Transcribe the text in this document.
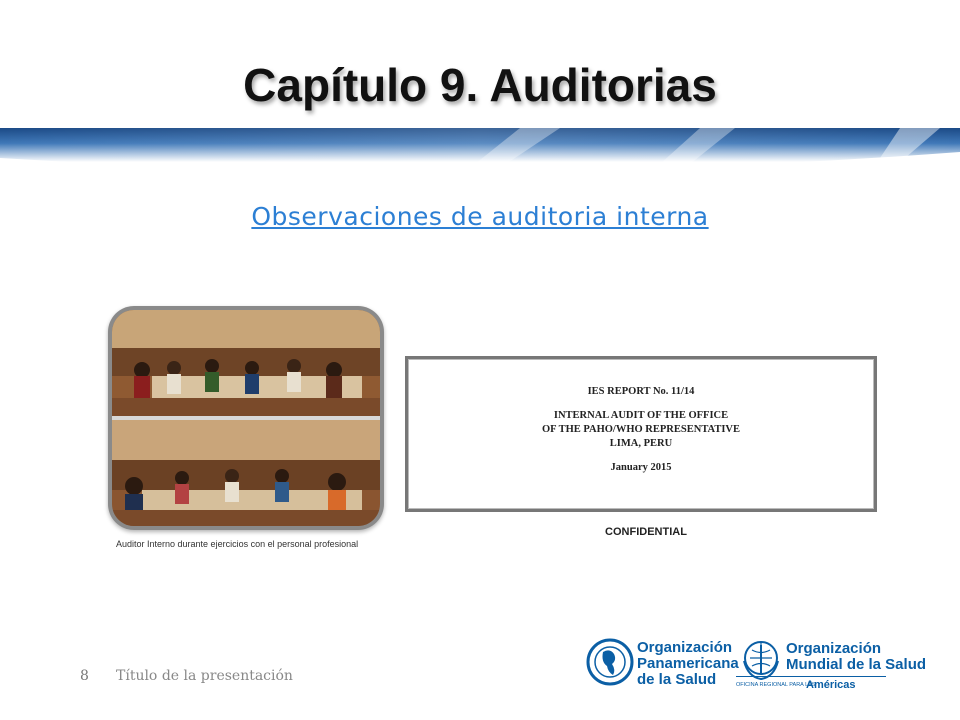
Capítulo 9. Auditorias
Observaciones de auditoria interna
Auditor Interno durante ejercicios con el personal profesional
IES REPORT No. 11/14
INTERNAL AUDIT OF THE OFFICE
OF THE PAHO/WHO REPRESENTATIVE
LIMA, PERU
January 2015
CONFIDENTIAL
8 Título de la presentación
Organización
Panamericana
de la Salud
Organización
Mundial de la Salud
OFICINA REGIONAL PARA LAS
Américas
